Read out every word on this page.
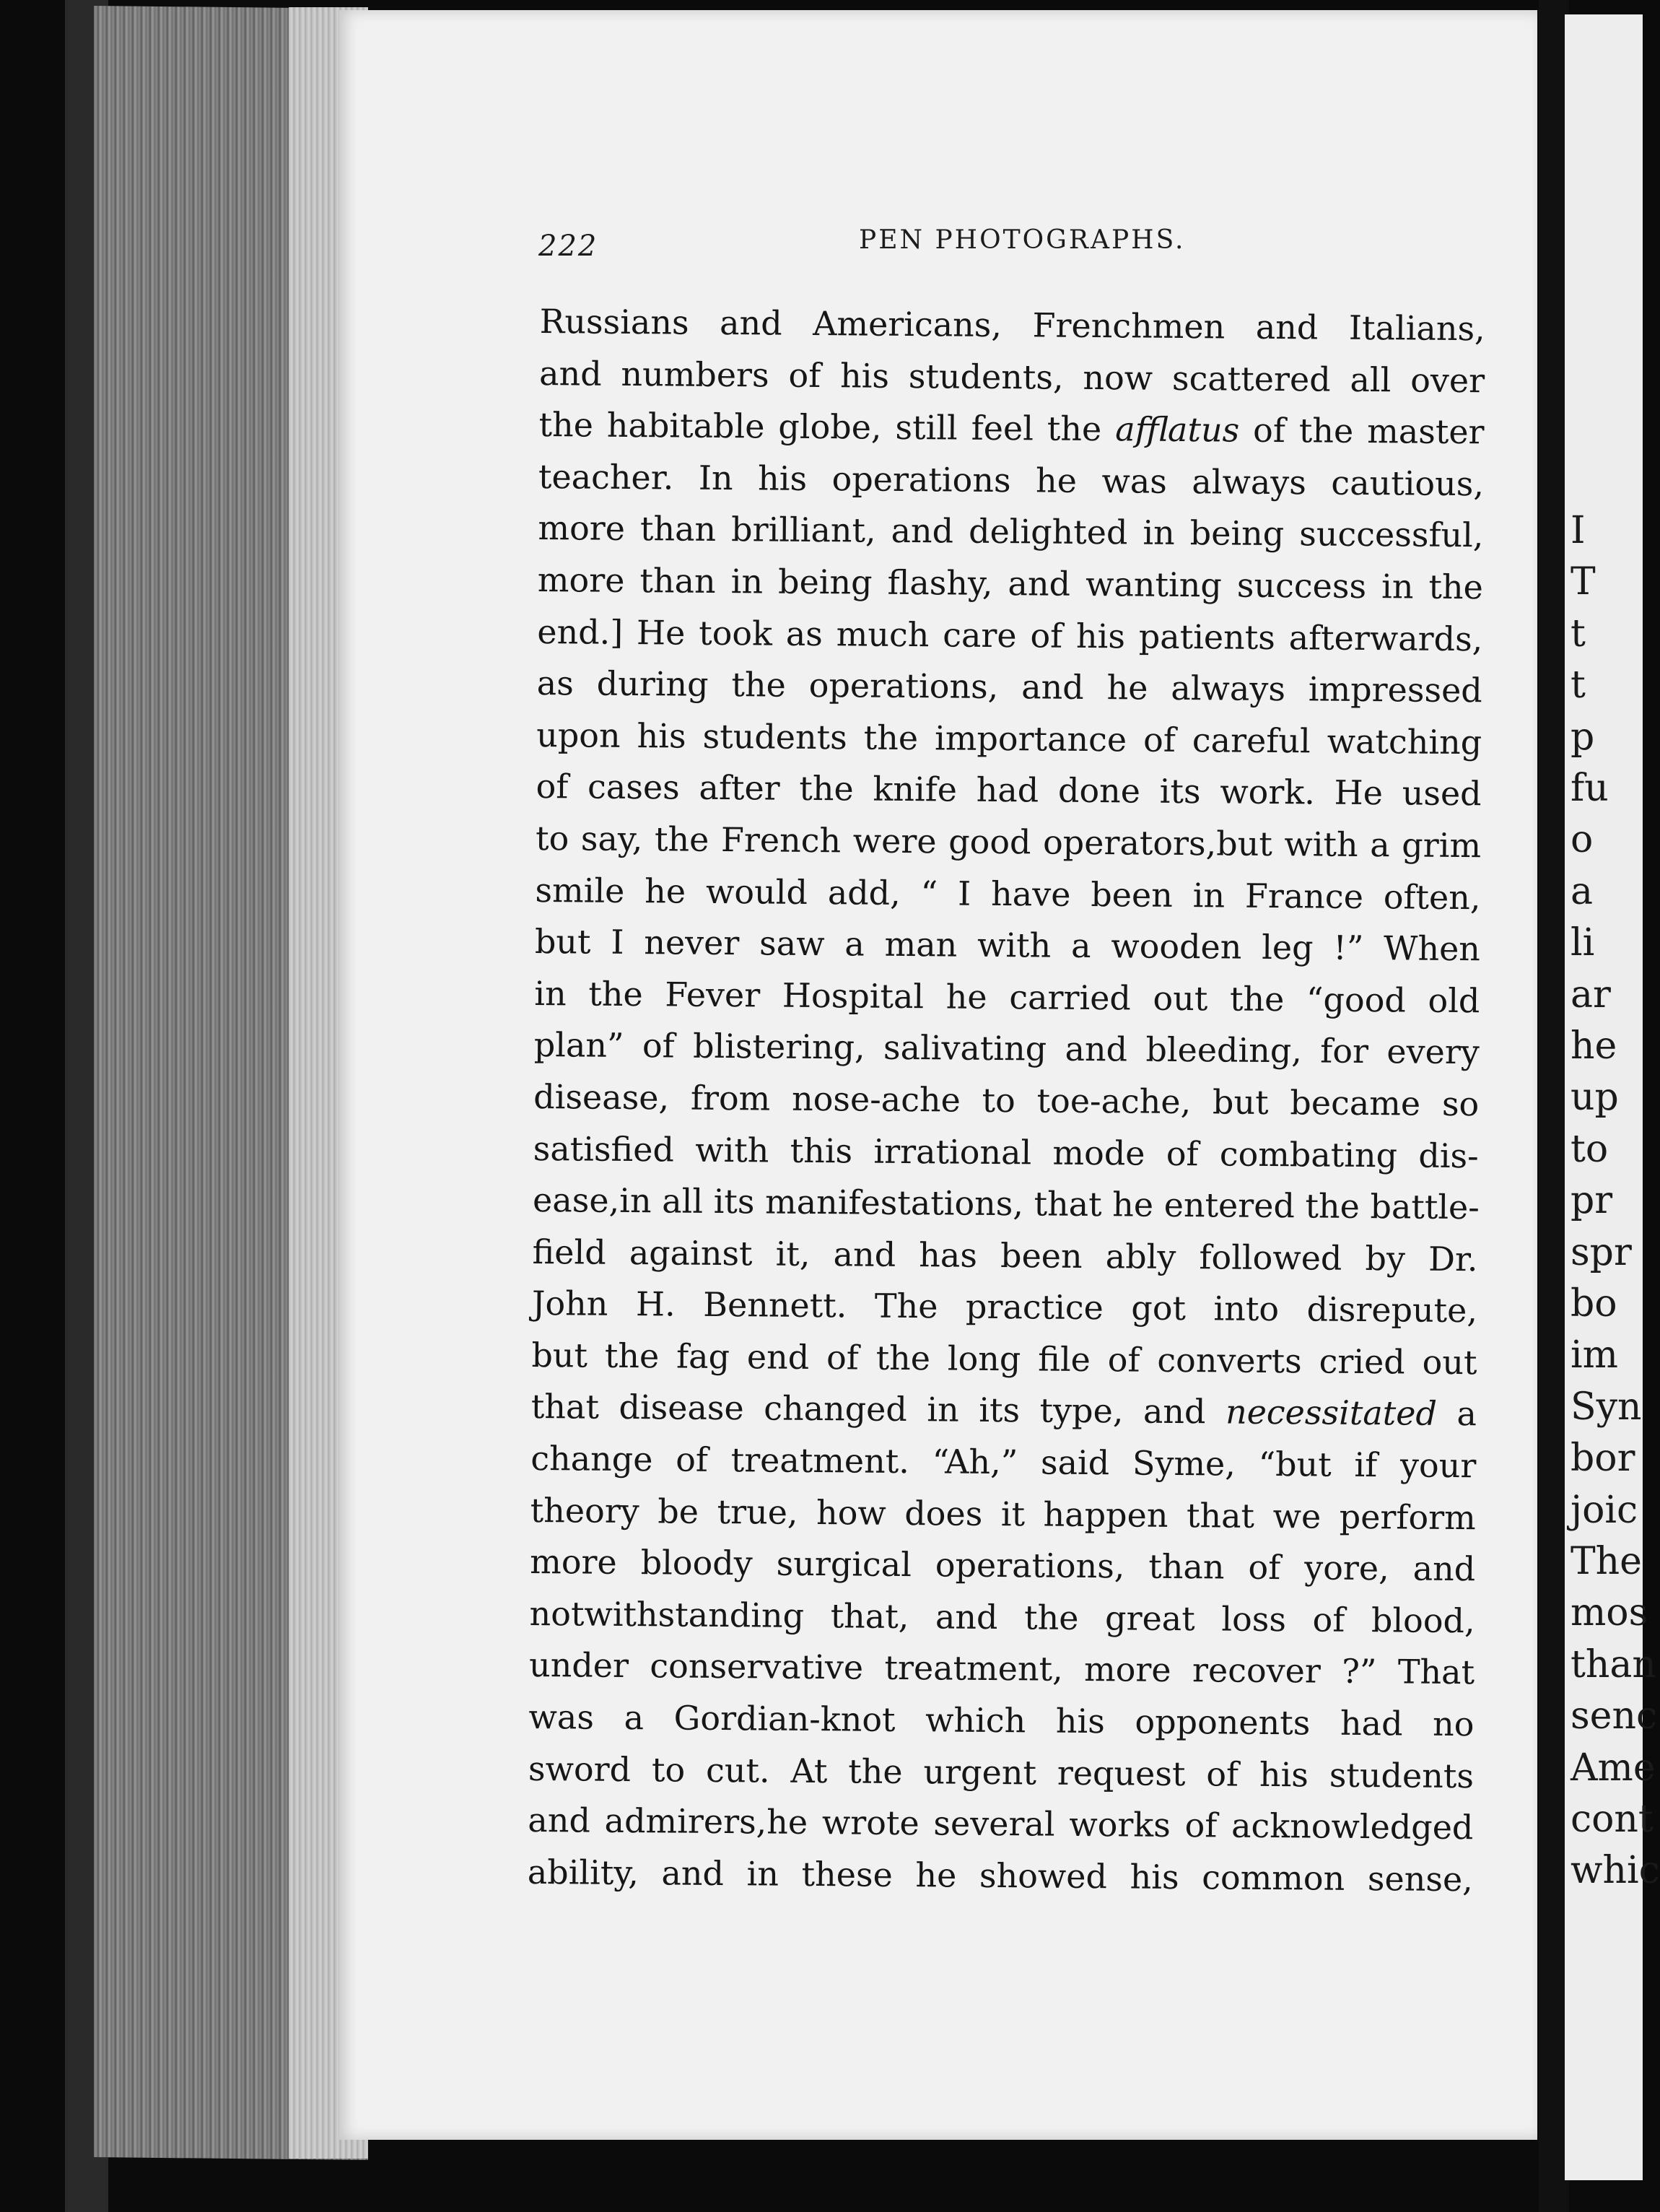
222	PEN PHOTOGRAPHS.
Russians and Americans, Frenchmen and Italians,
and numbers of his students, now scattered all over
the habitable globe, still feel the afflatus of the master
teacher. In his operations he was always cautious,
more than brilliant, and delighted in being successful,
more than in being flashy, and wanting success in the
end.] He took as much care of his patients afterwards,
as during the operations, and he always impressed
upon his students the importance of careful watching
of cases after the knife had done its work. He used
to say, the French were good operators,but with a grim
smile he would add, “ I have been in France often,
but I never saw a man with a wooden leg !” When
in the Fever Hospital he carried out the “good old
plan” of blistering, salivating and bleeding, for every
disease, from nose-ache to toe-ache, but became so
satisfied with this irrational mode of combating dis-
ease,in all its manifestations, that he entered the battle-
field against it, and has been ably followed by Dr.
John H. Bennett. The practice got into disrepute,
but the fag end of the long file of converts cried out
that disease changed in its type, and necessitated a
change of treatment. “Ah,” said Syme, “but if your
theory be true, how does it happen that we perform
more bloody surgical operations, than of yore, and
notwithstanding that, and the great loss of blood,
under conservative treatment, more recover ?” That
was a Gordian-knot which his opponents had no
sword to cut. At the urgent request of his students
and admirers,he wrote several works of acknowledged
ability, and in these he showed his common sense,
I
T
t
t
p
fu
o
a
li
ar
he
up
to
pr
spr
bo
im
Syn
bor
joic
The
mos
than
senc
Ame
cont
whic
